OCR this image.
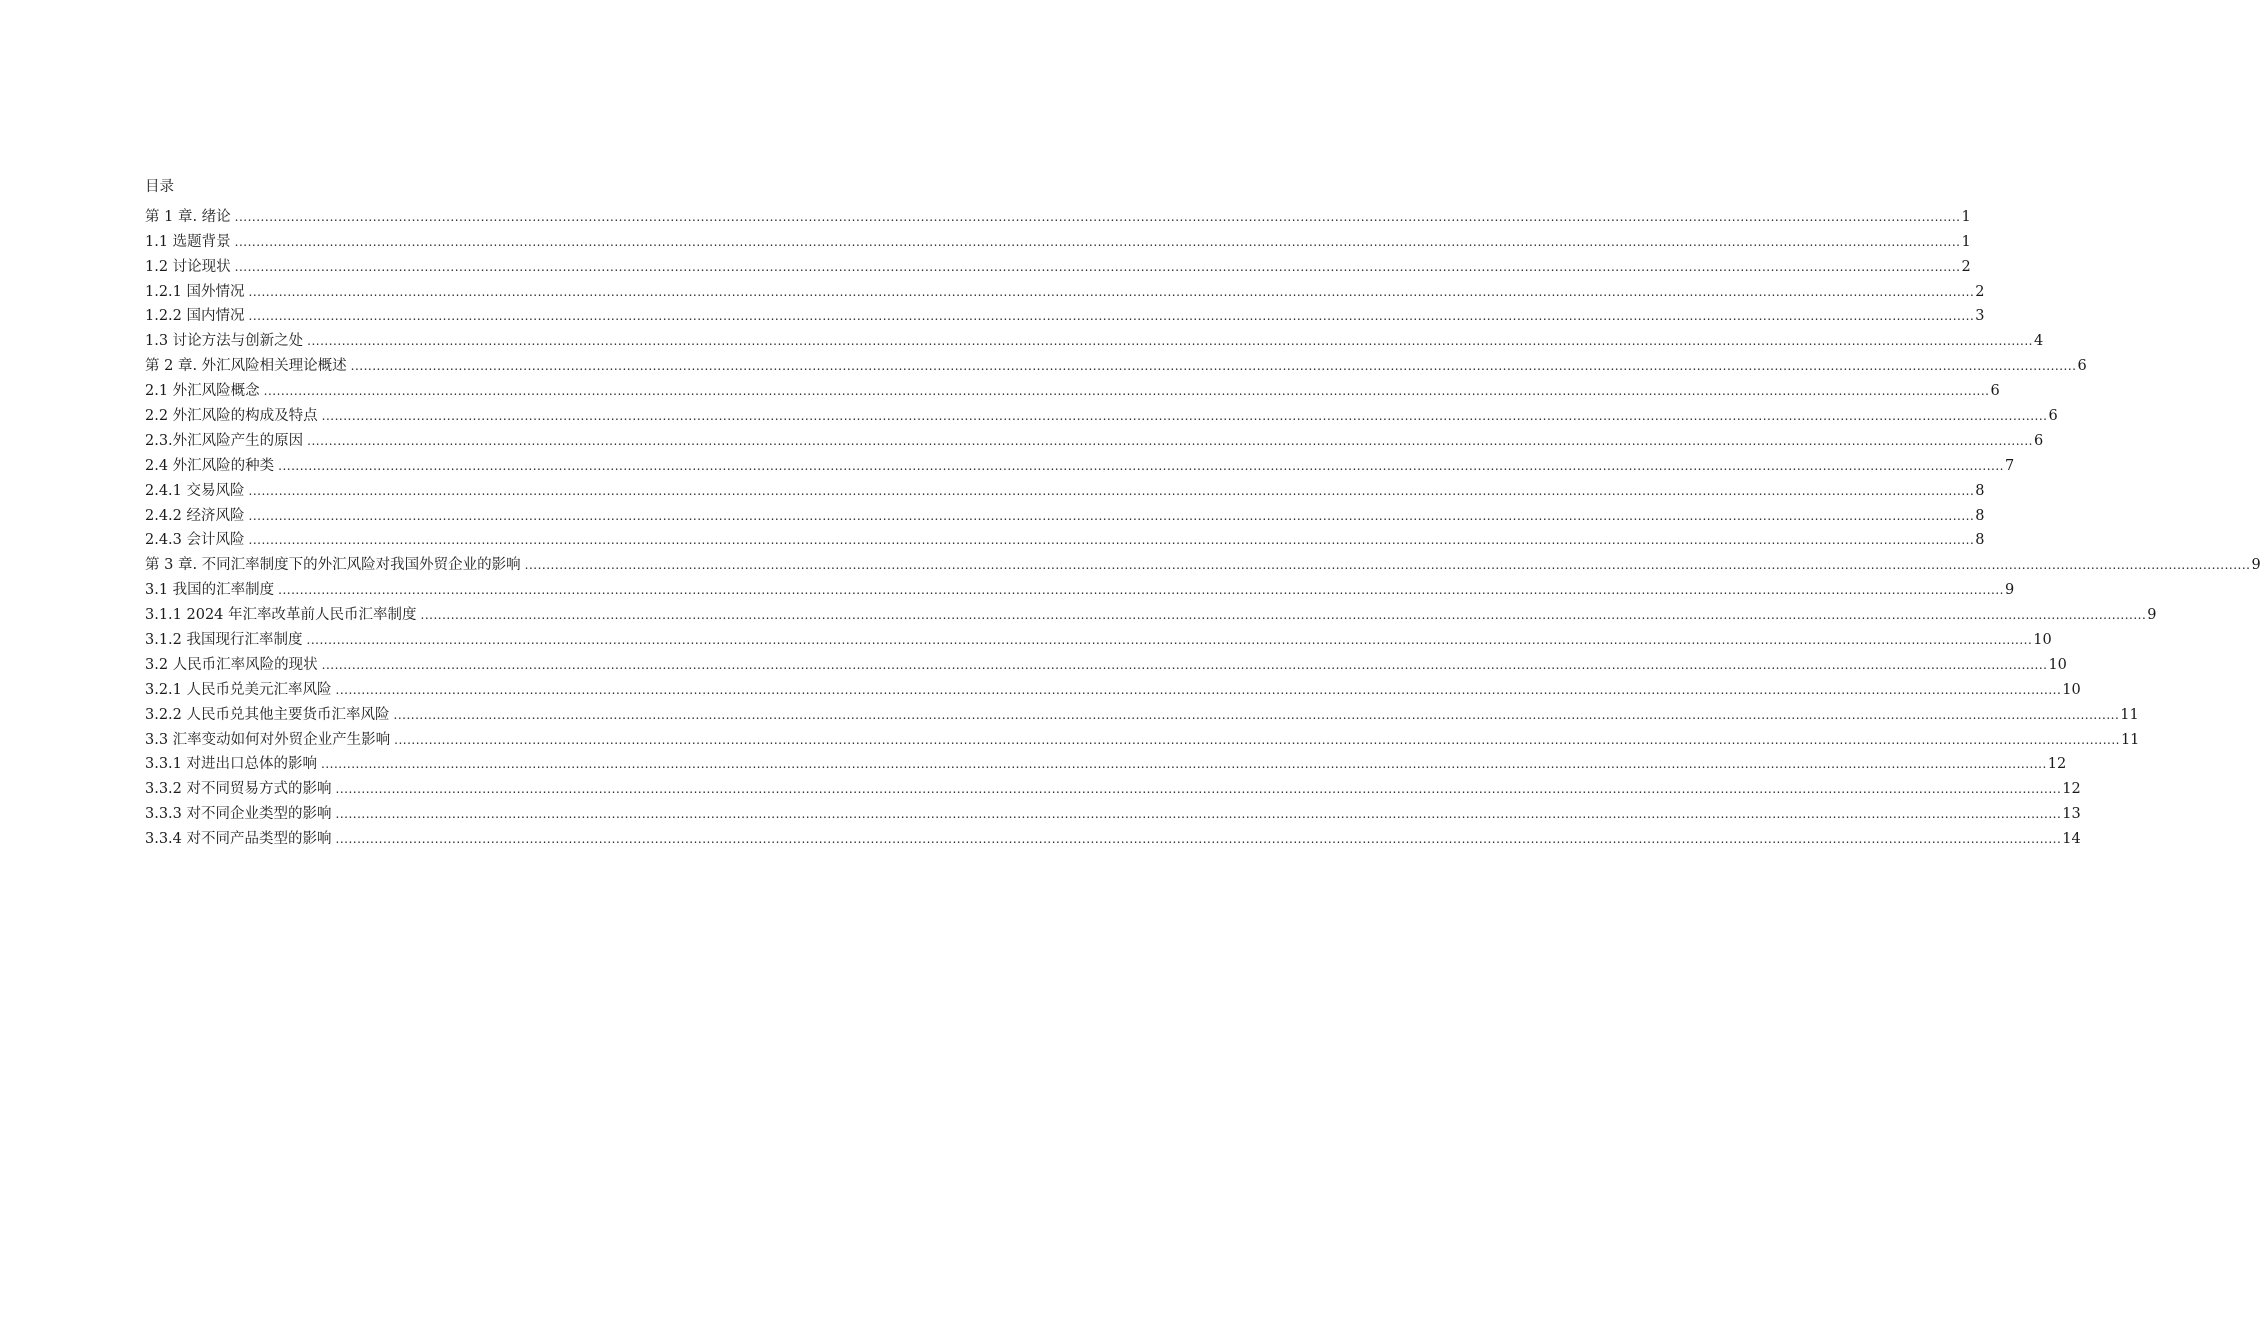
目录
第 1 章. 绪论 ................................................................................................................................................................................................................................................................................................................................................................................................................ 1
1.1 选题背景 ................................................................................................................................................................................................................................................................................................................................................................................................................ 1
1.2 讨论现状 ................................................................................................................................................................................................................................................................................................................................................................................................................ 2
1.2.1 国外情况 ................................................................................................................................................................................................................................................................................................................................................................................................................ 2
1.2.2 国内情况 ................................................................................................................................................................................................................................................................................................................................................................................................................ 3
1.3 讨论方法与创新之处 ................................................................................................................................................................................................................................................................................................................................................................................................................ 4
第 2 章. 外汇风险相关理论概述 ................................................................................................................................................................................................................................................................................................................................................................................................................ 6
2.1 外汇风险概念 ................................................................................................................................................................................................................................................................................................................................................................................................................ 6
2.2 外汇风险的构成及特点 ................................................................................................................................................................................................................................................................................................................................................................................................................ 6
2.3.外汇风险产生的原因 ................................................................................................................................................................................................................................................................................................................................................................................................................ 6
2.4 外汇风险的种类 ................................................................................................................................................................................................................................................................................................................................................................................................................ 7
2.4.1 交易风险 ................................................................................................................................................................................................................................................................................................................................................................................................................ 8
2.4.2 经济风险 ................................................................................................................................................................................................................................................................................................................................................................................................................ 8
2.4.3 会计风险 ................................................................................................................................................................................................................................................................................................................................................................................................................ 8
第 3 章. 不同汇率制度下的外汇风险对我国外贸企业的影响 ................................................................................................................................................................................................................................................................................................................................................................................................................ 9
3.1 我国的汇率制度 ................................................................................................................................................................................................................................................................................................................................................................................................................ 9
3.1.1 2024 年汇率改革前人民币汇率制度 ................................................................................................................................................................................................................................................................................................................................................................................................................ 9
3.1.2 我国现行汇率制度 ................................................................................................................................................................................................................................................................................................................................................................................................................ 10
3.2 人民币汇率风险的现状 ................................................................................................................................................................................................................................................................................................................................................................................................................ 10
3.2.1 人民币兑美元汇率风险 ................................................................................................................................................................................................................................................................................................................................................................................................................ 10
3.2.2 人民币兑其他主要货币汇率风险 ................................................................................................................................................................................................................................................................................................................................................................................................................ 11
3.3 汇率变动如何对外贸企业产生影响 ................................................................................................................................................................................................................................................................................................................................................................................................................ 11
3.3.1 对进出口总体的影响 ................................................................................................................................................................................................................................................................................................................................................................................................................ 12
3.3.2 对不同贸易方式的影响 ................................................................................................................................................................................................................................................................................................................................................................................................................ 12
3.3.3 对不同企业类型的影响 ................................................................................................................................................................................................................................................................................................................................................................................................................ 13
3.3.4 对不同产品类型的影响 ................................................................................................................................................................................................................................................................................................................................................................................................................ 14
